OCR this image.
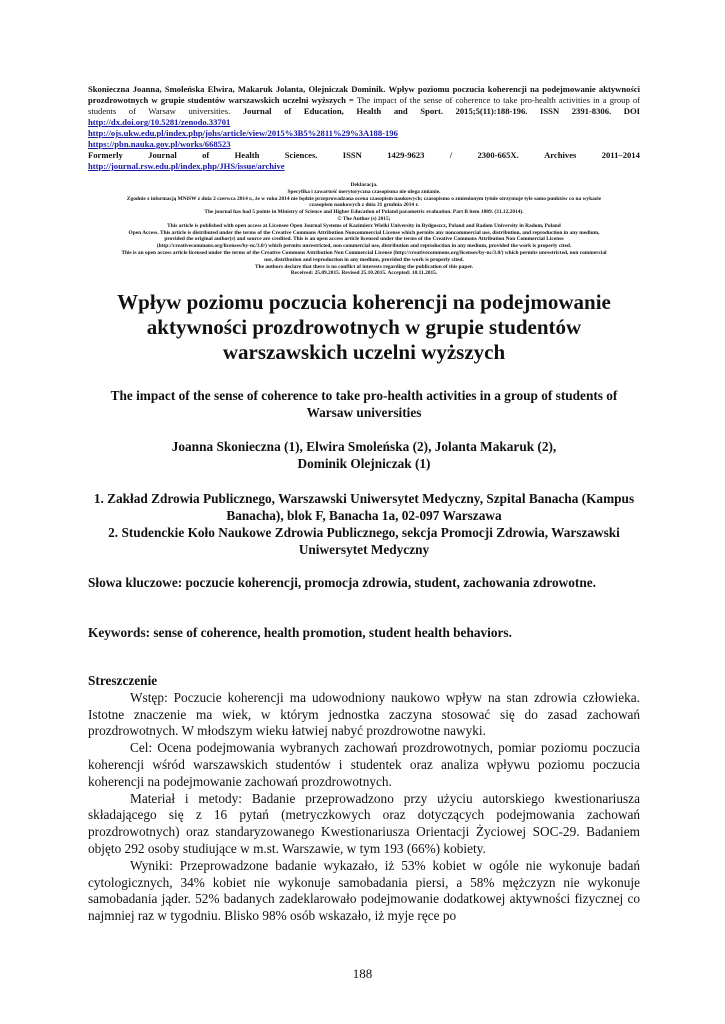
Skonieczna Joanna, Smoleńska Elwira, Makaruk Jolanta, Olejniczak Dominik. Wpływ poziomu poczucia koherencji na podejmowanie aktywności prozdrowotnych w grupie studentów warszawskich uczelni wyższych = The impact of the sense of coherence to take pro-health activities in a group of students of Warsaw universities. Journal of Education, Health and Sport. 2015;5(11):188-196. ISSN 2391-8306. DOI http://dx.doi.org/10.5281/zenodo.33701
http://ojs.ukw.edu.pl/index.php/johs/article/view/2015%3B5%2811%29%3A188-196
https://pbn.nauka.gov.pl/works/668523

Formerly	Journal	of	Health	Sciences.	ISSN	1429-9623	/	2300-665X.	Archives	2011–2014
http://journal.rsw.edu.pl/index.php/JHS/issue/archive
Deklaracja.
Specyfika i zawartość merytoryczna czasopisma nie ulega zmianie.
Zgodnie z informacją MNiSW z dnia 2 czerwca 2014 r., że w roku 2014 nie będzie przeprowadzana ocena czasopism naukowych; czasopismo o zmienionym tytule otrzymuje tyle samo punktów co na wykazie
czasopism naukowych z dnia 31 grudnia 2014 r.
The journal has had 5 points in Ministry of Science and Higher Education of Poland parametric evaluation. Part B item 1089. (31.12.2014).
© The Author (s) 2015;
This article is published with open access at Licensee Open Journal Systems of Kazimierz Wielki University in Bydgoszcz, Poland and Radom University in Radom, Poland
Open Access. This article is distributed under the terms of the Creative Commons Attribution Noncommercial License which permits any noncommercial use, distribution, and reproduction in any medium,
provided the original author(s) and source are credited. This is an open access article licensed under the terms of the Creative Commons Attribution Non Commercial License
(http://creativecommons.org/licenses/by-nc/3.0/) which permits unrestricted, non commercial use, distribution and reproduction in any medium, provided the work is properly cited.
This is an open access article licensed under the terms of the Creative Commons Attribution Non Commercial License (http://creativecommons.org/licenses/by-nc/3.0/) which permits unrestricted, non commercial
use, distribution and reproduction in any medium, provided the work is properly cited.
The authors declare that there is no conflict of interests regarding the publication of this paper.
Received: 25.09.2015. Revised 25.10.2015. Accepted: 10.11.2015.
Wpływ poziomu poczucia koherencji na podejmowanie aktywności prozdrowotnych w grupie studentów warszawskich uczelni wyższych
The impact of the sense of coherence to take pro-health activities in a group of students of Warsaw universities
Joanna Skonieczna (1), Elwira Smoleńska (2), Jolanta Makaruk (2),
Dominik Olejniczak (1)
1. Zakład Zdrowia Publicznego, Warszawski Uniwersytet Medyczny, Szpital Banacha (Kampus Banacha), blok F, Banacha 1a, 02-097 Warszawa
2. Studenckie Koło Naukowe Zdrowia Publicznego, sekcja Promocji Zdrowia, Warszawski Uniwersytet Medyczny
Słowa kluczowe: poczucie koherencji, promocja zdrowia, student, zachowania zdrowotne.
Keywords: sense of coherence, health promotion, student health behaviors.
Streszczenie

Wstęp: Poczucie koherencji ma udowodniony naukowo wpływ na stan zdrowia człowieka. Istotne znaczenie ma wiek, w którym jednostka zaczyna stosować się do zasad zachowań prozdrowotnych. W młodszym wieku łatwiej nabyć prozdrowotne nawyki.

Cel: Ocena podejmowania wybranych zachowań prozdrowotnych, pomiar poziomu poczucia koherencji wśród warszawskich studentów i studentek oraz analiza wpływu poziomu poczucia koherencji na podejmowanie zachowań prozdrowotnych.

Materiał i metody: Badanie przeprowadzono przy użyciu autorskiego kwestionariusza składającego się z 16 pytań (metryczkowych oraz dotyczących podejmowania zachowań prozdrowotnych) oraz standaryzowanego Kwestionariusza Orientacji Życiowej SOC-29. Badaniem objęto 292 osoby studiujące w m.st. Warszawie, w tym 193 (66%) kobiety.

Wyniki: Przeprowadzone badanie wykazało, iż 53% kobiet w ogóle nie wykonuje badań cytologicznych, 34% kobiet nie wykonuje samobadania piersi, a 58% mężczyzn nie wykonuje samobadania jąder. 52% badanych zadeklarowało podejmowanie dodatkowej aktywności fizycznej co najmniej raz w tygodniu. Blisko 98% osób wskazało, iż myje ręce po

188
